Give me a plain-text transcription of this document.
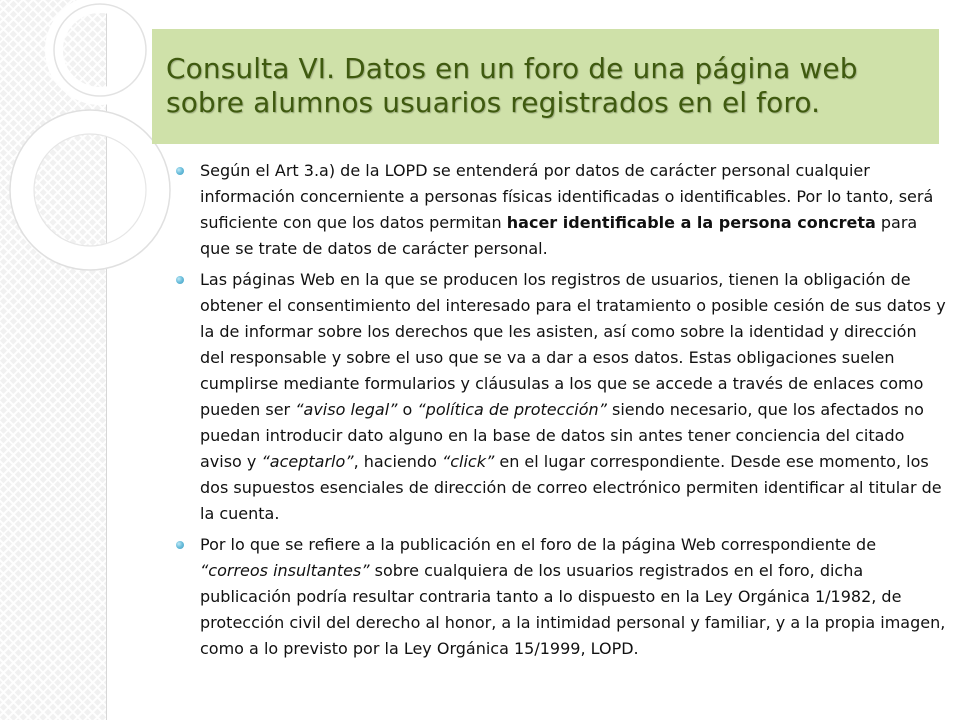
Consulta VI. Datos en un foro de una página web sobre alumnos usuarios registrados en el foro.
Según el Art 3.a) de la LOPD se entenderá por datos de carácter personal cualquier información concerniente a personas físicas identificadas o identificables. Por lo tanto, será suficiente con que los datos permitan hacer identificable a la persona concreta para que se trate de datos de carácter personal.
Las páginas Web en la que se producen los registros de usuarios, tienen la obligación de obtener el consentimiento del interesado para el tratamiento o posible cesión de sus datos y la de informar sobre los derechos que les asisten, así como sobre la identidad y dirección del responsable y sobre el uso que se va a dar a esos datos. Estas obligaciones suelen cumplirse mediante formularios y cláusulas a los que se accede a través de enlaces como pueden ser “aviso legal” o “política de protección” siendo necesario, que los afectados no puedan introducir dato alguno en la base de datos sin antes tener conciencia del citado aviso y “aceptarlo”, haciendo “click” en el lugar correspondiente. Desde ese momento, los dos supuestos esenciales de dirección de correo electrónico permiten identificar al titular de la cuenta.
Por lo que se refiere a la publicación en el foro de la página Web correspondiente de “correos insultantes” sobre cualquiera de los usuarios registrados en el foro, dicha publicación podría resultar contraria tanto a lo dispuesto en la Ley Orgánica 1/1982, de protección civil del derecho al honor, a la intimidad personal y familiar, y a la propia imagen, como a lo previsto por la Ley Orgánica 15/1999, LOPD.
